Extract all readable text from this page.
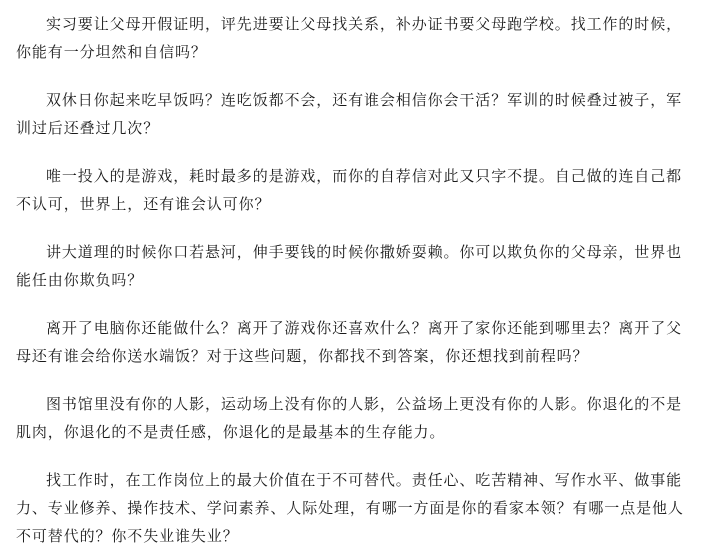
实习要让父母开假证明，评先进要让父母找关系，补办证书要父母跑学校。找工作的时候，你能有一分坦然和自信吗？

双休日你起来吃早饭吗？连吃饭都不会，还有谁会相信你会干活？军训的时候叠过被子，军训过后还叠过几次？

唯一投入的是游戏，耗时最多的是游戏，而你的自荐信对此又只字不提。自己做的连自己都不认可，世界上，还有谁会认可你？

讲大道理的时候你口若悬河，伸手要钱的时候你撒娇耍赖。你可以欺负你的父母亲，世界也能任由你欺负吗？

离开了电脑你还能做什么？离开了游戏你还喜欢什么？离开了家你还能到哪里去？离开了父母还有谁会给你送水端饭？对于这些问题，你都找不到答案，你还想找到前程吗？

图书馆里没有你的人影，运动场上没有你的人影，公益场上更没有你的人影。你退化的不是肌肉，你退化的不是责任感，你退化的是最基本的生存能力。

找工作时，在工作岗位上的最大价值在于不可替代。责任心、吃苦精神、写作水平、做事能力、专业修养、操作技术、学问素养、人际处理，有哪一方面是你的看家本领？有哪一点是他人不可替代的？你不失业谁失业？
